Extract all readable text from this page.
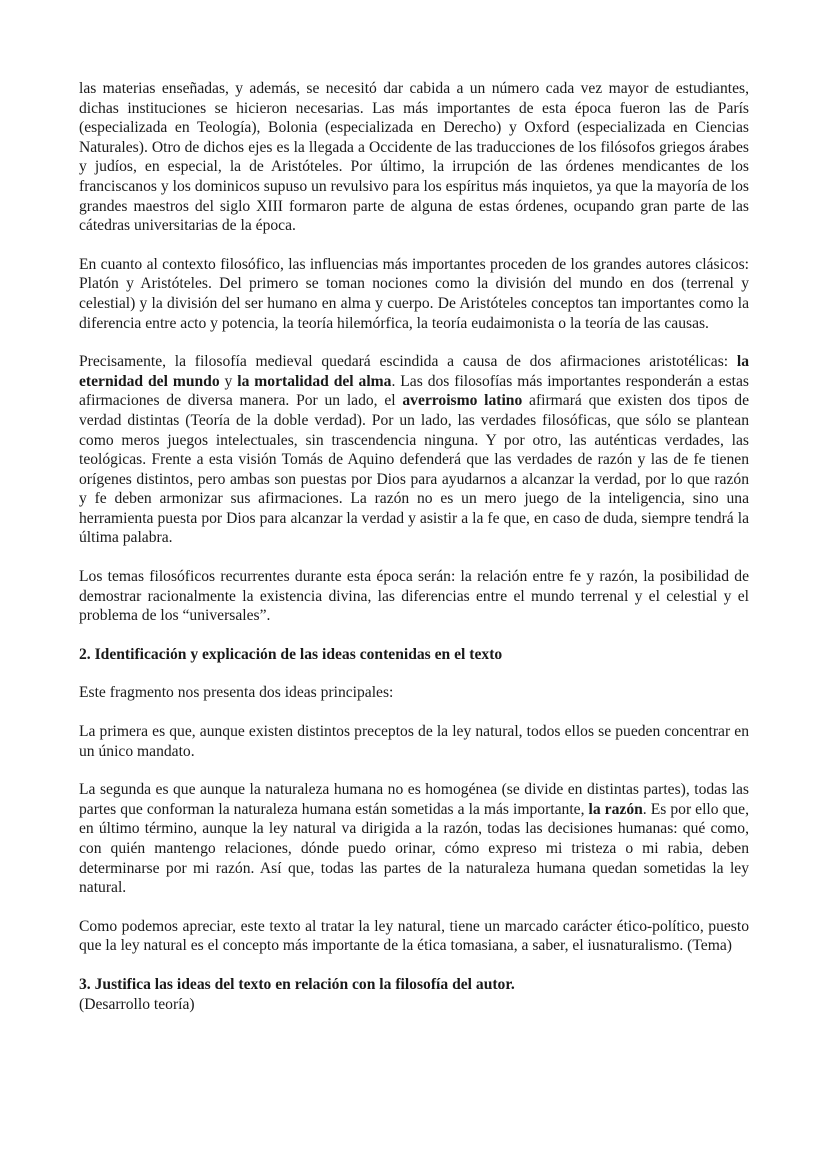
las materias enseñadas, y además, se necesitó dar cabida a un número cada vez mayor de estudiantes, dichas instituciones se hicieron necesarias. Las más importantes de esta época fueron las de París (especializada en Teología), Bolonia (especializada en Derecho) y Oxford (especializada en Ciencias Naturales). Otro de dichos ejes es la llegada a Occidente de las traducciones de los filósofos griegos árabes y judíos, en especial, la de Aristóteles. Por último, la irrupción de las órdenes mendicantes de los franciscanos y los dominicos supuso un revulsivo para los espíritus más inquietos, ya que la mayoría de los grandes maestros del siglo XIII formaron parte de alguna de estas órdenes, ocupando gran parte de las cátedras universitarias de la época.

En cuanto al contexto filosófico, las influencias más importantes proceden de los grandes autores clásicos: Platón y Aristóteles. Del primero se toman nociones como la división del mundo en dos (terrenal y celestial) y la división del ser humano en alma y cuerpo. De Aristóteles conceptos tan importantes como la diferencia entre acto y potencia, la teoría hilemórfica, la teoría eudaimonista o la teoría de las causas.

Precisamente, la filosofía medieval quedará escindida a causa de dos afirmaciones aristotélicas: la eternidad del mundo y la mortalidad del alma. Las dos filosofías más importantes responderán a estas afirmaciones de diversa manera. Por un lado, el averroismo latino afirmará que existen dos tipos de verdad distintas (Teoría de la doble verdad). Por un lado, las verdades filosóficas, que sólo se plantean como meros juegos intelectuales, sin trascendencia ninguna. Y por otro, las auténticas verdades, las teológicas. Frente a esta visión Tomás de Aquino defenderá que las verdades de razón y las de fe tienen orígenes distintos, pero ambas son puestas por Dios para ayudarnos a alcanzar la verdad, por lo que razón y fe deben armonizar sus afirmaciones. La razón no es un mero juego de la inteligencia, sino una herramienta puesta por Dios para alcanzar la verdad y asistir a la fe que, en caso de duda, siempre tendrá la última palabra.

Los temas filosóficos recurrentes durante esta época serán: la relación entre fe y razón, la posibilidad de demostrar racionalmente la existencia divina, las diferencias entre el mundo terrenal y el celestial y el problema de los “universales”.

2. Identificación y explicación de las ideas contenidas en el texto

Este fragmento nos presenta dos ideas principales:

La primera es que, aunque existen distintos preceptos de la ley natural, todos ellos se pueden concentrar en un único mandato.

La segunda es que aunque la naturaleza humana no es homogénea (se divide en distintas partes), todas las partes que conforman la naturaleza humana están sometidas a la más importante, la razón. Es por ello que, en último término, aunque la ley natural va dirigida a la razón, todas las decisiones humanas: qué como, con quién mantengo relaciones, dónde puedo orinar, cómo expreso mi tristeza o mi rabia, deben determinarse por mi razón. Así que, todas las partes de la naturaleza humana quedan sometidas la ley natural.

Como podemos apreciar, este texto al tratar la ley natural, tiene un marcado carácter ético-político, puesto que la ley natural es el concepto más importante de la ética tomasiana, a saber, el iusnaturalismo. (Tema)

3. Justifica las ideas del texto en relación con la filosofía del autor.

(Desarrollo teoría)
